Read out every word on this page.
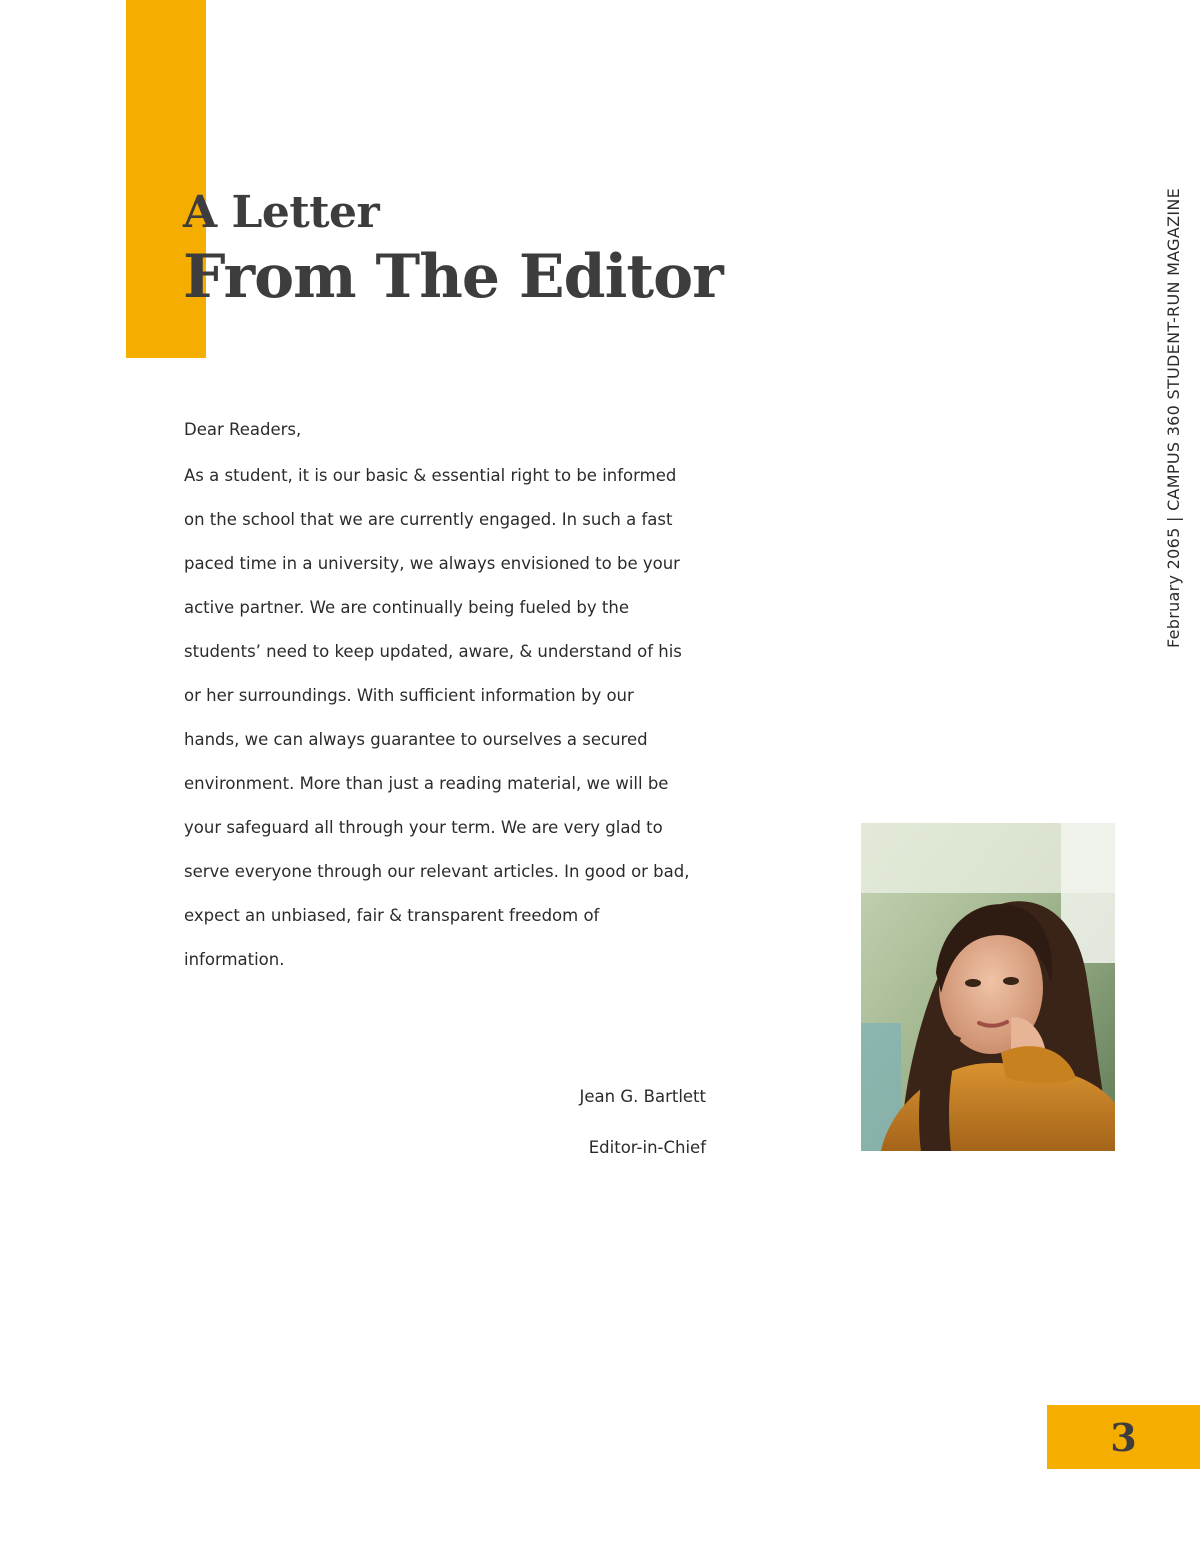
A Letter
From The Editor

Dear Readers,

As a student, it is our basic & essential right to be informed
on the school that we are currently engaged. In such a fast
paced time in a university, we always envisioned to be your
active partner. We are continually being fueled by the
students’ need to keep updated, aware, & understand of his
or her surroundings. With sufficient information by our
hands, we can always guarantee to ourselves a secured
environment. More than just a reading material, we will be
your safeguard all through your term. We are very glad to
serve everyone through our relevant articles. In good or bad,
expect an unbiased, fair & transparent freedom of
information.

Jean G. Bartlett
Editor-in-Chief
February 2065 | CAMPUS 360 STUDENT-RUN MAGAZINE
3
